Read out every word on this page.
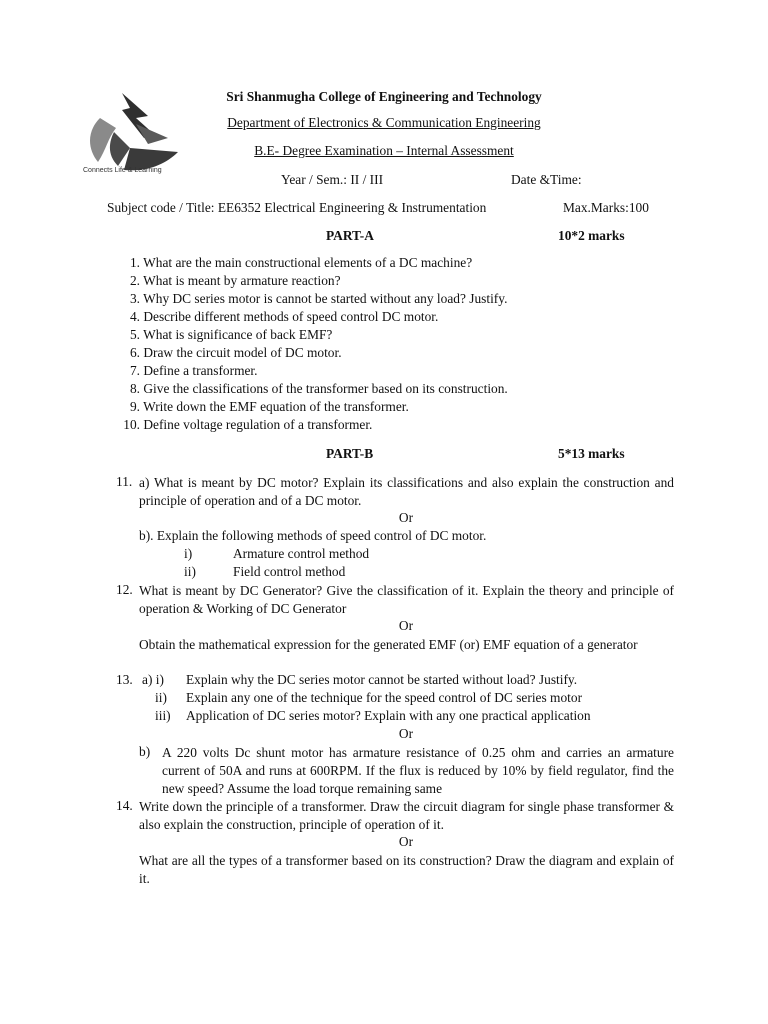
Connects Life & Learning
Sri Shanmugha College of Engineering and Technology
Department of Electronics & Communication Engineering
B.E- Degree Examination – Internal Assessment
Year / Sem.: II / III	Date &Time:
Subject code / Title: EE6352 Electrical Engineering & Instrumentation	Max.Marks:100
PART-A	10*2 marks
1. What are the main constructional elements of a DC machine?
2. What is meant by armature reaction?
3. Why DC series motor is cannot be started without any load? Justify.
4. Describe different methods of speed control DC motor.
5. What is significance of back EMF?
6. Draw the circuit model of DC motor.
7. Define a transformer.
8. Give the classifications of the transformer based on its construction.
9. Write down the EMF equation of the transformer.
10. Define voltage regulation of a transformer.
PART-B	5*13 marks
11. a) What is meant by DC motor? Explain its classifications and also explain the construction and principle of operation and of a DC motor.
Or
b). Explain the following methods of speed control of DC motor.
i)	Armature control method
ii)	Field control method
12. What is meant by DC Generator? Give the classification of it. Explain the theory and principle of operation & Working of DC Generator
Or
Obtain the mathematical expression for the generated EMF (or) EMF equation of a generator
13. a) i) Explain why the DC series motor cannot be started without load? Justify.
ii) Explain any one of the technique for the speed control of DC series motor
iii) Application of DC series motor? Explain with any one practical application
Or
b) A 220 volts Dc shunt motor has armature resistance of 0.25 ohm and carries an armature current of 50A and runs at 600RPM. If the flux is reduced by 10% by field regulator, find the new speed? Assume the load torque remaining same
14. Write down the principle of a transformer. Draw the circuit diagram for single phase transformer & also explain the construction, principle of operation of it.
Or
What are all the types of a transformer based on its construction? Draw the diagram and explain of it.
